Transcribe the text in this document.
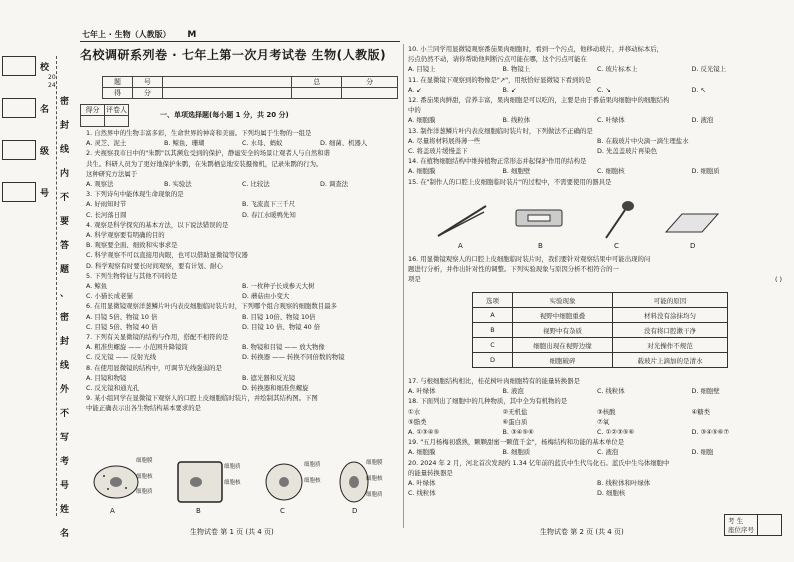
七年上 · 生物（人教版） M
校
名
级
号
2024
密
封
线
内
不
要
答
题
、
密
封
线
外
不
写
考
号
姓
名
名校调研系列卷 · 七年上第一次月考试卷 生物(人教版)
题	号		总	分
得	分			
得分	评卷人

一、单项选择题(每小题 1 分，共 20 分)

1. 自然界中的生物丰富多彩，生命世界的神奇和美丽。下列均属于生物的一组是

A. 灵芝、泥土	B. 鲸鱼、珊瑚	C. 水母、蚂蚁	D. 细菌、机器人

2. 夫视察我市日中的"朱鹮"以其濒危受到的保护，静谧安全的场景让观者人与自然和谐

共生。科研人员为了更好地保护朱鹮，在朱鹮栖息地安装摄像机，记录朱鹮的行为。

这种研究方法属于

A. 观察法	B. 实验法	C. 比较法	D. 调查法

3. 下列诗句中能体现生命现象的是

A. 好雨知时节	B. 飞流直下三千尺
C. 长河落日圆	D. 春江水暖鸭先知

4. 观察是科学探究的基本方法，以下说法错误的是

A. 科学观察要有明确的目的

B. 观察要全面、细致和实事求是

C. 科学观察不可以直接用肉眼，也可以借助显微镜等仪器

D. 科学观察有时要长时间观察，要有计划、耐心

5. 下列生物特征与其他不同的是

A. 鲸鱼	B. 一枚种子长成参天大树
C. 小猫长成老猫	D. 蘑菇由小变大

6. 在用显微镜观察洋葱鳞片叶内表皮细胞临时装片时，下列哪个组合观察的细胞数目最多

A. 目镜 5倍、物镜 10 倍	B. 目镜 10倍、物镜 10倍
C. 目镜 5倍、物镜 40 倍	D. 目镜 10 倍、物镜 40 倍

7. 下列有关显微镜的结构与作用，搭配不相符的是

A. 粗准焦螺旋 —— 小范围升降镜筒	B. 物镜和目镜 —— 放大物像
C. 反光镜 —— 反射光线	D. 转换器 —— 转换不同倍数的物镜

8. 在使用显微镜的结构中，可调节光线强弱的是

A. 目镜和物镜	B. 遮光器和反光镜
C. 反光镜和通光孔	D. 转换器和细准焦螺旋

9. 某小组同学在显微镜下观察人的口腔上皮细胞临时装片，并绘制其结构图。下图

中能正确表示出各生物结构基本要求的是

细胞膜
细胞核
细胞质
细胞质
细胞核
细胞质
细胞核
细胞膜
细胞核
细胞质
A	B	C	D
生物试卷 第 1 页 (共 4 页)

10. 小兰同学用显微镜观察番茄果肉细胞时，看到一个污点，他移动玻片，并移动标本后，

污点仍然不动，请你帮助他判断污点可能在哪，这个污点可能在

A. 目镜上	B. 物镜上	C. 玻片标本上	D. 反光镜上

11. 在显微镜下观察到的物像是"↗"，用纸恰好显微镜下看到的是

A. ↙	B. ↙	C. ↘	D. ↖

12. 番茄果肉鲜甜，营养丰富，果肉细胞是可以吃的，主要是由于番茄果肉细胞中的细胞结构

中的

A. 细胞膜	B. 线粒体	C. 叶绿体	D. 液泡

13. 制作洋葱鳞片叶内表皮细胞临时装片时，下列做法不正确的是

A. 尽量将材料展得薄一些	B. 在载玻片中央滴一滴生理盐水
C. 将盖玻片缓慢盖下	D. 先盖盖玻片再染色

14. 在植物细胞结构中维持植物正常形态并起保护作用的结构是

A. 细胞膜	B. 细胞壁	C. 细胞核	D. 细胞质

15. 在"制作人的口腔上皮细胞临时装片"的过程中，不需要使用的器具是

A	B	C	D

16. 用显微镜观察人的口腔上皮细胞临时装片时，我们要针对观察结果中可能出现的问

题进行分析，并作出针对性的调整。下列实验现象与原因分析不相符合的一

项是	( )

选项	实验现象	可能的原因
A	视野中细胞重叠	材料没有涂抹均匀
B	视野中有杂质	没有将口腔漱干净
C	细胞出现在视野边缘	对光操作不规范
D	细胞破碎	载玻片上滴加的是清水

17. 与根细胞结构相比，桂花树叶肉细胞特有的能量转换器是

A. 叶绿体	B. 液泡	C. 线粒体	D. 细胞壁

18. 下面列出了细胞中的几种物质，其中全为有机物的是

①水	②无机盐	③核酸	④糖类
⑤脂类	⑥蛋白质	⑦氧
A. ①③④⑤	B. ③④⑤⑥	C. ①②③⑤⑥	D. ③④⑤⑥⑦

19. "五月杨梅初盛熟，颗颗甜蜜一颗值千金"，杨梅结构和功能的基本单位是

A. 细胞膜	B. 细胞质	C. 液泡	D. 细胞

20. 2024 年 2 月，河北首次发现约 1.34 亿年前的蓝氏中生代鸟化石。蓝氏中生鸟体细胞中

的能量转换器是

A. 叶绿体	B. 线粒体和叶绿体
C. 线粒体	D. 细胞核
考 生
座位序号	
生物试卷 第 2 页 (共 4 页)
